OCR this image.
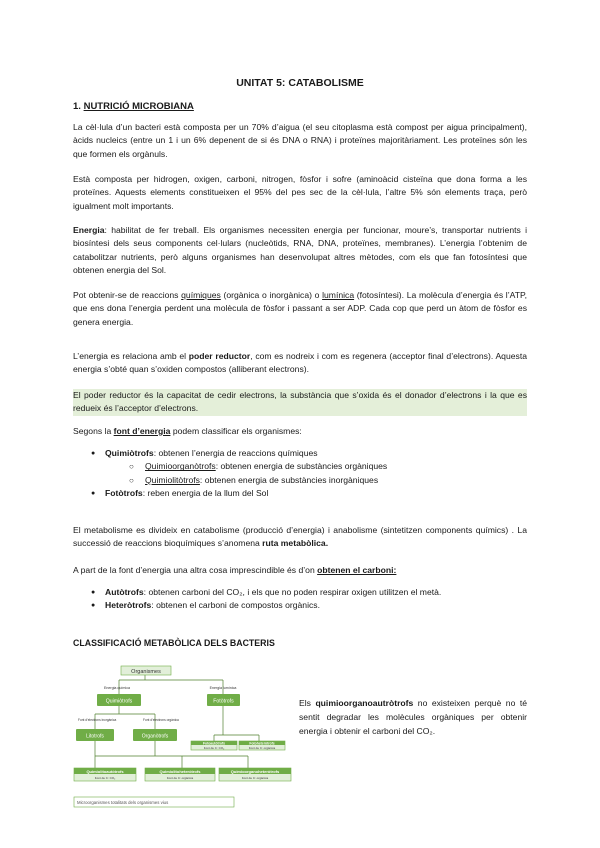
UNITAT 5: CATABOLISME
1. NUTRICIÓ MICROBIANA

La cèl·lula d’un bacteri està composta per un 70% d’aigua (el seu citoplasma està compost per aigua principalment), àcids nucleics (entre un 1 i un 6% depenent de si és DNA o RNA) i proteïnes majoritàriament. Les proteïnes són les que formen els orgànuls.

Està composta per hidrogen, oxigen, carboni, nitrogen, fòsfor i sofre (aminoàcid cisteïna que dona forma a les proteïnes. Aquests elements constitueixen el 95% del pes sec de la cèl·lula, l’altre 5% són elements traça, però igualment molt importants.

Energia: habilitat de fer treball. Els organismes necessiten energia per funcionar, moure’s, transportar nutrients i biosíntesi dels seus components cel·lulars (nucleòtids, RNA, DNA, proteïnes, membranes). L’energia l’obtenim de catabolitzar nutrients, però alguns organismes han desenvolupat altres mètodes, com els que fan fotosíntesi que obtenen energia del Sol.

Pot obtenir-se de reaccions químiques (orgànica o inorgànica) o lumínica (fotosíntesi). La molècula d’energia és l’ATP, que ens dona l’energia perdent una molècula de fòsfor i passant a ser ADP. Cada cop que perd un àtom de fòsfor es genera energia.

L’energia es relaciona amb el poder reductor, com es nodreix i com es regenera (acceptor final d’electrons). Aquesta energia s’obté quan s’oxiden compostos (alliberant electrons).

El poder reductor és la capacitat de cedir electrons, la substància que s’oxida és el donador d’electrons i la que es redueix és l’acceptor d’electrons.

Segons la font d’energia podem classificar els organismes:

● Quimiòtrofs: obtenen l’energia de reaccions químiques
○ Quimioorganòtrofs: obtenen energia de substàncies orgàniques
○ Quimiolitòtrofs: obtenen energia de substàncies inorgàniques
● Fotòtrofs: reben energia de la llum del Sol

El metabolisme es divideix en catabolisme (producció d’energia) i anabolisme (sintetitzen components químics) . La successió de reaccions bioquímiques s’anomena ruta metabòlica.

A part de la font d’energia una altra cosa imprescindible és d’on obtenen el carboni:

● Autòtrofs: obtenen carboni del CO₂, i els que no poden respirar oxigen utilitzen el metà.
● Heteròtrofs: obtenen el carboni de compostos orgànics.
CLASSIFICACIÓ METABÒLICA DELS BACTERIS
Organismes
Energia química	Energia lumínica
Quimiòtrofs	Fotòtrofs
Font d’electrons inorgànica	Font d’electrons orgànica
Litotrofs	Organòtrofs
Fotoautòtrofs
Font de C: CO₂
Fotoheteròtrofs
Font de C: orgànica
Quimiolitoautòtrofs
Font de C: CO₂
Quimiolitoheteròtrofs
Font de C: orgànica
Quimioorganoheteròtrofs
Font de C: orgànica
Microorganismes totalitats dels organismes vius

Els quimioorganoautròtrofs no existeixen perquè no té sentit degradar les molècules orgàniques per obtenir energia i obtenir el carboni del CO₂.
